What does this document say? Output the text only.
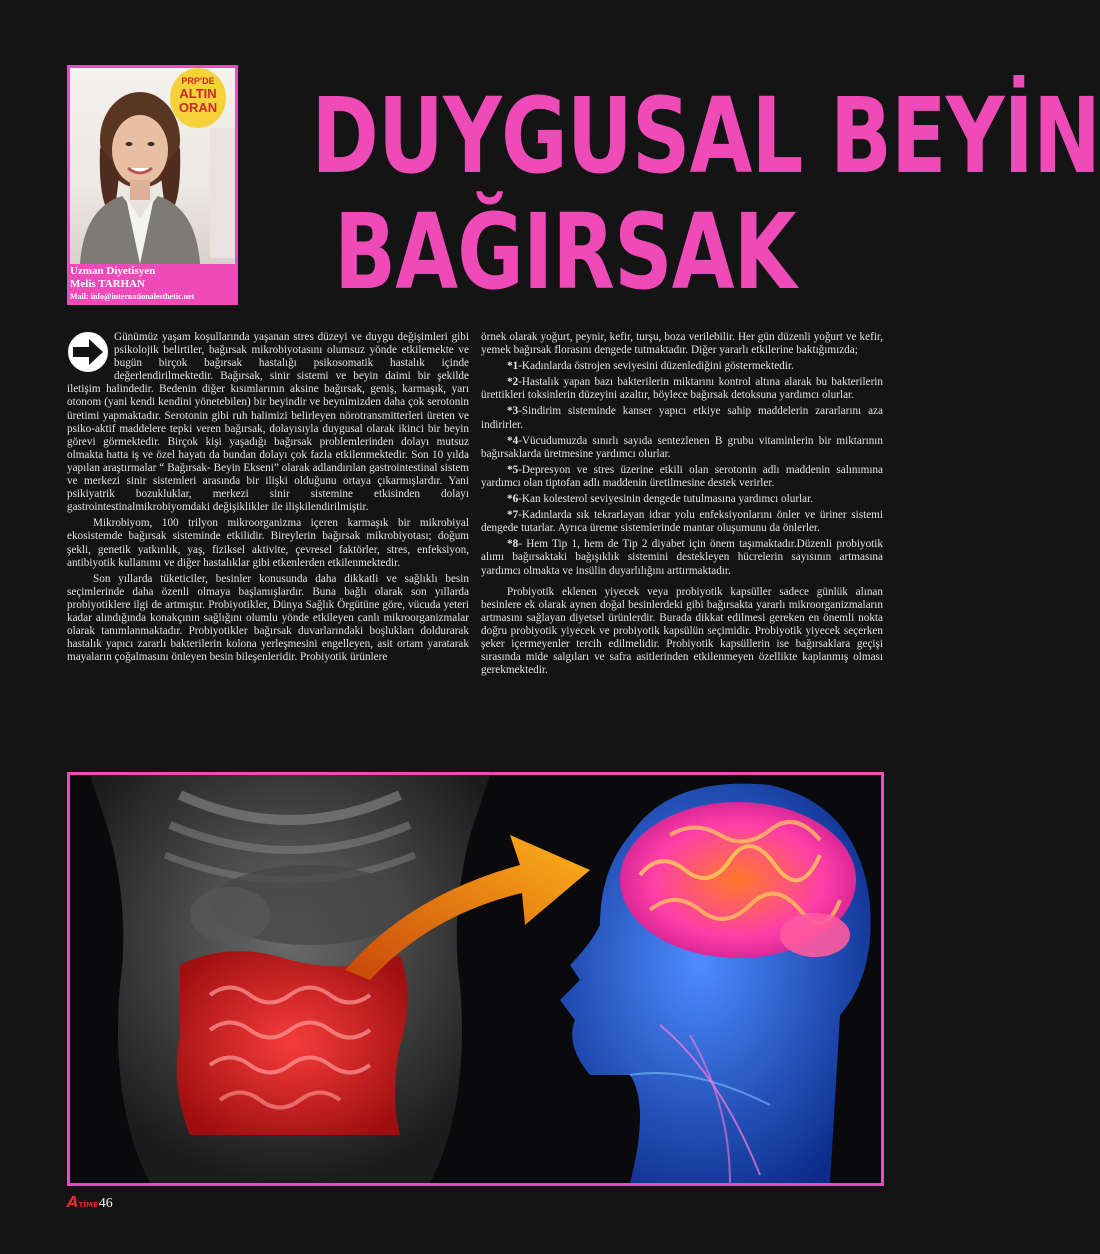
PRP'DE
ALTIN
ORAN
Uzman Diyetisyen
Melis TARHAN
Mail: info@internationalesthetic.net
DUYGUSAL BEYİN
BAĞIRSAK

Günümüz yaşam koşullarında yaşanan stres düzeyi ve duygu değişimleri gibi psikolojik belirtiler, bağırsak mikrobiyotasını olumsuz yönde etkilemekte ve bugün birçok bağırsak hastalığı psikosomatik hastalık içinde değerlendirilmektedir. Bağırsak, sinir sistemi ve beyin daimi bir şekilde iletişim halindedir. Bedenin diğer kısımlarının aksine bağırsak, geniş, karmaşık, yarı otonom (yani kendi kendini yönetebilen) bir beyindir ve beynimizden daha çok serotonin üretimi yapmaktadır. Serotonin gibi ruh halimizi belirleyen nörotransmitterleri üreten ve psiko-aktif maddelere tepki veren bağırsak, dolayısıyla duygusal olarak ikinci bir beyin görevi görmektedir. Birçok kişi yaşadığı bağırsak problemlerinden dolayı mutsuz olmakta hatta iş ve özel hayatı da bundan dolayı çok fazla etkilenmektedir. Son 10 yılda yapılan araştırmalar “ Bağırsak- Beyin Ekseni” olarak adlandırılan gastrointestinal sistem ve merkezi sinir sistemleri arasında bir ilişki olduğunu ortaya çıkarmışlardır. Yani psikiyatrik bozukluklar, merkezi sinir sistemine etkisinden dolayı gastrointestinalmikrobiyomdaki değişiklikler ile ilişkilendirilmiştir.

Mikrobiyom, 100 trilyon mikroorganizma içeren karmaşık bir mikrobiyal ekosistemde bağırsak sisteminde etkilidir. Bireylerin bağırsak mikrobiyotası; doğum şekli, genetik yatkınlık, yaş, fiziksel aktivite, çevresel faktörler, stres, enfeksiyon, antibiyotik kullanımı ve diğer hastalıklar gibi etkenlerden etkilenmektedir.

Son yıllarda tüketiciler, besinler konusunda daha dikkatli ve sağlıklı besin seçimlerinde daha özenli olmaya başlamışlardır. Buna bağlı olarak son yıllarda probiyotiklere ilgi de artmıştır. Probiyotikler, Dünya Sağlık Örgütüne göre, vücuda yeteri kadar alındığında konakçının sağlığını olumlu yönde etkileyen canlı mikroorganizmalar olarak tanımlanmaktadır. Probiyotikler bağırsak duvarlarındaki boşlukları doldurarak hastalık yapıcı zararlı bakterilerin kolona yerleşmesini engelleyen, asit ortam yaratarak mayaların çoğalmasını önleyen besin bileşenleridir. Probiyotik ürünlere

örnek olarak yoğurt, peynir, kefir, turşu, boza verilebilir. Her gün düzenli yoğurt ve kefir, yemek bağırsak florasını dengede tutmaktadır. Diğer yararlı etkilerine baktığımızda;

*1-Kadınlarda östrojen seviyesini düzenlediğini göstermektedir.

*2-Hastalık yapan bazı bakterilerin miktarını kontrol altına alarak bu bakterilerin ürettikleri toksinlerin düzeyini azaltır, böylece bağırsak detoksuna yardımcı olurlar.

*3-Sindirim sisteminde kanser yapıcı etkiye sahip maddelerin zararlarını aza indirirler.

*4-Vücudumuzda sınırlı sayıda sentezlenen B grubu vitaminlerin bir miktarının bağırsaklarda üretmesine yardımcı olurlar.

*5-Depresyon ve stres üzerine etkili olan serotonin adlı maddenin salınımına yardımcı olan tiptofan adlı maddenin üretilmesine destek verirler.

*6-Kan kolesterol seviyesinin dengede tutulmasına yardımcı olurlar.

*7-Kadınlarda sık tekrarlayan idrar yolu enfeksiyonlarını önler ve üriner sistemi dengede tutarlar. Ayrıca üreme sistemlerinde mantar oluşumunu da önlerler.

*8- Hem Tip 1, hem de Tip 2 diyabet için önem taşımaktadır.Düzenli probiyotik alımı bağırsaktaki bağışıklık sistemini destekleyen hücrelerin sayısının artmasına yardımcı olmakta ve insülin duyarlılığını arttırmaktadır.

Probiyotik eklenen yiyecek veya probiyotik kapsüller sadece günlük alınan besinlere ek olarak aynen doğal besinlerdeki gibi bağırsakta yararlı mikroorganizmaların artmasını sağlayan diyetsel ürünlerdir. Burada dikkat edilmesi gereken en önemli nokta doğru probiyotik yiyecek ve probiyotik kapsülün seçimidir. Probiyotik yiyecek seçerken şeker içermeyenler tercih edilmelidir. Probiyotik kapsüllerin ise bağırsaklara geçişi sırasında mide salgıları ve safra asitlerinden etkilenmeyen özellikte kaplanmış olması gerekmektedir.

A TİME 46
